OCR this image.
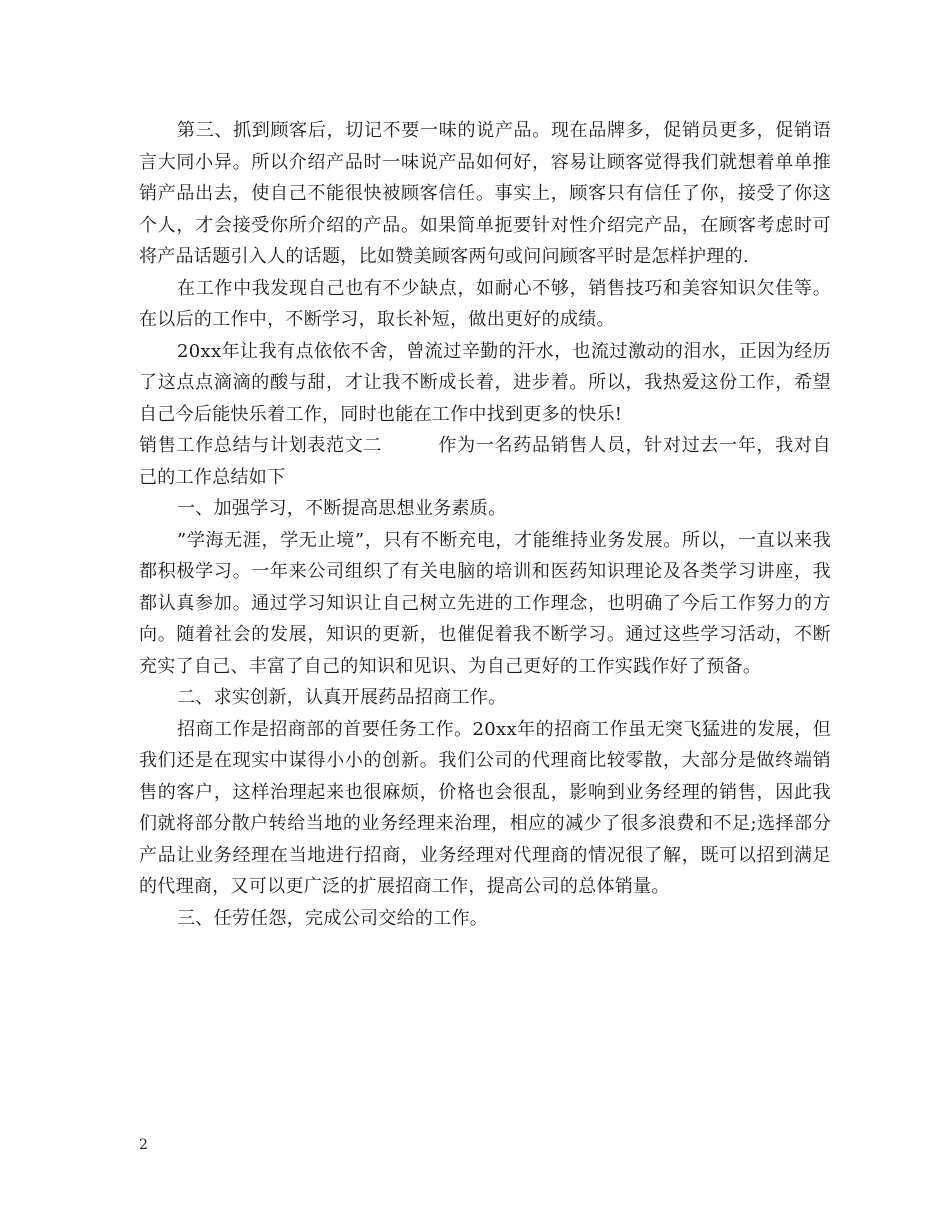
第三、抓到顾客后，切记不要一味的说产品。现在品牌多，促销员更多，促销语言大同小异。所以介绍产品时一味说产品如何好，容易让顾客觉得我们就想着单单推销产品出去，使自己不能很快被顾客信任。事实上，顾客只有信任了你，接受了你这个人，才会接受你所介绍的产品。如果简单扼要针对性介绍完产品，在顾客考虑时可将产品话题引入人的话题，比如赞美顾客两句或问问顾客平时是怎样护理的.

在工作中我发现自己也有不少缺点，如耐心不够，销售技巧和美容知识欠佳等。在以后的工作中，不断学习，取长补短，做出更好的成绩。

20xx年让我有点依依不舍，曾流过辛勤的汗水，也流过激动的泪水，正因为经历了这点点滴滴的酸与甜，才让我不断成长着，进步着。所以，我热爱这份工作，希望自己今后能快乐着工作，同时也能在工作中找到更多的快乐!

销售工作总结与计划表范文二　　　作为一名药品销售人员，针对过去一年，我对自己的工作总结如下

一、加强学习，不断提高思想业务素质。

”学海无涯，学无止境”，只有不断充电，才能维持业务发展。所以，一直以来我都积极学习。一年来公司组织了有关电脑的培训和医药知识理论及各类学习讲座，我都认真参加。通过学习知识让自己树立先进的工作理念，也明确了今后工作努力的方向。随着社会的发展，知识的更新，也催促着我不断学习。通过这些学习活动，不断充实了自己、丰富了自己的知识和见识、为自己更好的工作实践作好了预备。

二、求实创新，认真开展药品招商工作。

招商工作是招商部的首要任务工作。20xx年的招商工作虽无突飞猛进的发展，但我们还是在现实中谋得小小的创新。我们公司的代理商比较零散，大部分是做终端销售的客户，这样治理起来也很麻烦，价格也会很乱，影响到业务经理的销售，因此我们就将部分散户转给当地的业务经理来治理，相应的减少了很多浪费和不足;选择部分产品让业务经理在当地进行招商，业务经理对代理商的情况很了解，既可以招到满足的代理商，又可以更广泛的扩展招商工作，提高公司的总体销量。

三、任劳任怨，完成公司交给的工作。

2
